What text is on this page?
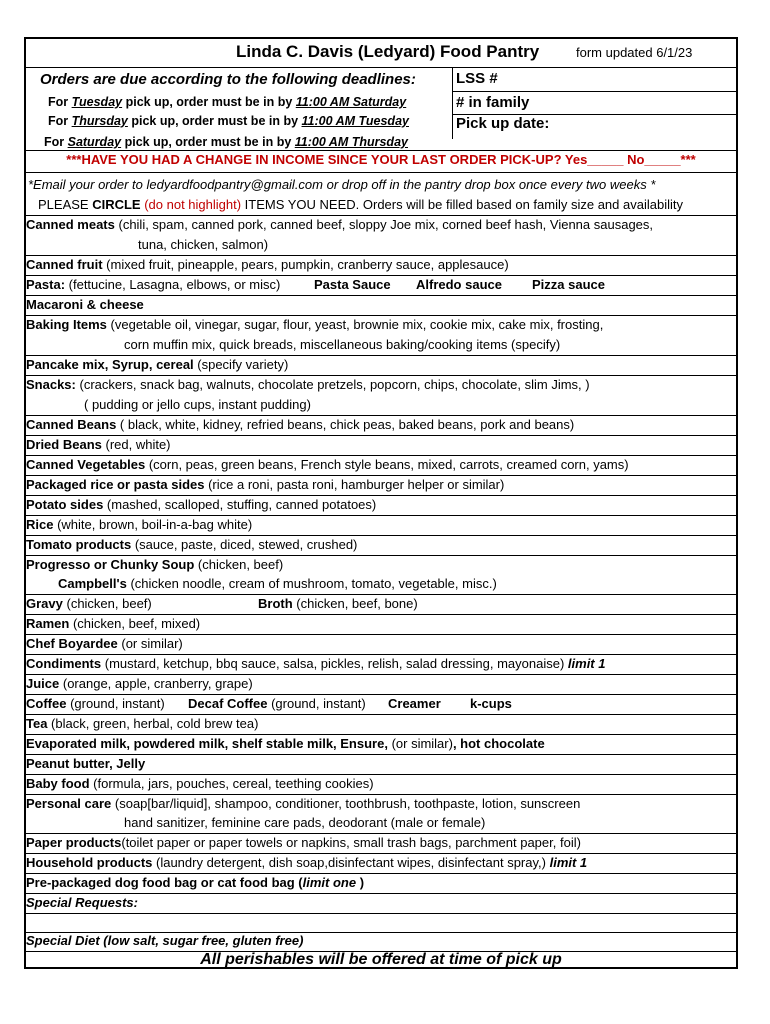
Linda C. Davis (Ledyard) Food Pantry	form updated 6/1/23
Orders are due according to the following deadlines:
For Tuesday pick up, order must be in by 11:00 AM Saturday
For Thursday pick up, order must be in by 11:00 AM Tuesday
For Saturday pick up, order must be in by 11:00 AM Thursday
LSS #
# in family
Pick up date:
***HAVE YOU HAD A CHANGE IN INCOME SINCE YOUR LAST ORDER PICK-UP? Yes_____ No_____***
*Email your order to ledyardfoodpantry@gmail.com or drop off in the pantry drop box once every two weeks *
PLEASE CIRCLE (do not highlight) ITEMS YOU NEED. Orders will be filled based on family size and availability
Canned meats (chili, spam, canned pork, canned beef, sloppy Joe mix, corned beef hash, Vienna sausages,
tuna, chicken, salmon)
Canned fruit (mixed fruit, pineapple, pears, pumpkin, cranberry sauce, applesauce)
Pasta: (fettucine, Lasagna, elbows, or misc)	Pasta Sauce Alfredo sauce Pizza sauce
Macaroni & cheese
Baking Items (vegetable oil, vinegar, sugar, flour, yeast, brownie mix, cookie mix, cake mix, frosting,
corn muffin mix, quick breads, miscellaneous baking/cooking items (specify)
Pancake mix, Syrup, cereal (specify variety)
Snacks: (crackers, snack bag, walnuts, chocolate pretzels, popcorn, chips, chocolate, slim Jims, )
( pudding or jello cups, instant pudding)
Canned Beans ( black, white, kidney, refried beans, chick peas, baked beans, pork and beans)
Dried Beans (red, white)
Canned Vegetables (corn, peas, green beans, French style beans, mixed, carrots, creamed corn, yams)
Packaged rice or pasta sides (rice a roni, pasta roni, hamburger helper or similar)
Potato sides (mashed, scalloped, stuffing, canned potatoes)
Rice (white, brown, boil-in-a-bag white)
Tomato products (sauce, paste, diced, stewed, crushed)
Progresso or Chunky Soup (chicken, beef)
Campbell's (chicken noodle, cream of mushroom, tomato, vegetable, misc.)
Gravy (chicken, beef)	Broth (chicken, beef, bone)
Ramen (chicken, beef, mixed)
Chef Boyardee (or similar)
Condiments (mustard, ketchup, bbq sauce, salsa, pickles, relish, salad dressing, mayonaise) limit 1
Juice (orange, apple, cranberry, grape)
Coffee (ground, instant) Decaf Coffee (ground, instant) Creamer k-cups
Tea (black, green, herbal, cold brew tea)
Evaporated milk, powdered milk, shelf stable milk, Ensure, (or similar), hot chocolate
Peanut butter, Jelly
Baby food (formula, jars, pouches, cereal, teething cookies)
Personal care (soap[bar/liquid], shampoo, conditioner, toothbrush, toothpaste, lotion, sunscreen
hand sanitizer, feminine care pads, deodorant (male or female)
Paper products(toilet paper or paper towels or napkins, small trash bags, parchment paper, foil)
Household products (laundry detergent, dish soap,disinfectant wipes, disinfectant spray,) limit 1
Pre-packaged dog food bag or cat food bag (limit one )
Special Requests:
Special Diet (low salt, sugar free, gluten free)
All perishables will be offered at time of pick up
